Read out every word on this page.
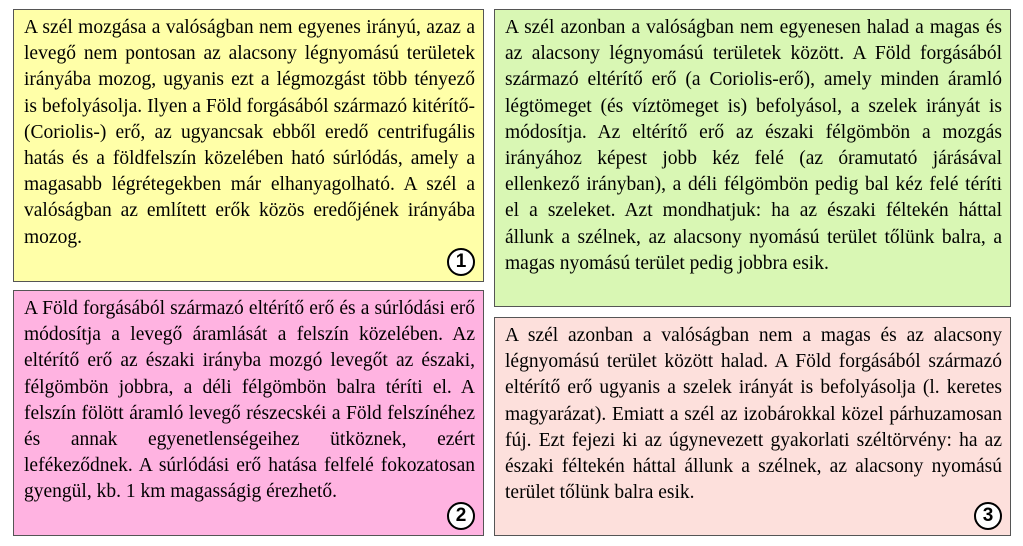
A szél mozgása a valóságban nem egyenes irányú, azaz a levegő nem pontosan az alacsony légnyomású területek irányába mozog, ugyanis ezt a légmozgást több tényező is befolyásolja. Ilyen a Föld forgásából származó kitérítő- (Coriolis-) erő, az ugyancsak ebből eredő centrifugális hatás és a földfelszín közelében ható súrlódás, amely a magasabb légrétegekben már elhanyagolható. A szél a valóságban az említett erők közös eredőjének irányába mozog.

1

A Föld forgásából származó eltérítő erő és a súrlódási erő módosítja a levegő áramlását a felszín közelében. Az eltérítő erő az északi irányba mozgó levegőt az északi, félgömbön jobbra, a déli félgömbön balra téríti el. A felszín fölött áramló levegő részecskéi a Föld felszínéhez és annak egyenetlenségeihez ütköznek, ezért lefékeződnek. A súrlódási erő hatása felfelé fokozatosan gyengül, kb. 1 km magasságig érezhető.

2

A szél azonban a valóságban nem egyenesen halad a magas és az alacsony légnyomású területek között. A Föld forgásából származó eltérítő erő (a Coriolis-erő), amely minden áramló légtömeget (és víztömeget is) befolyásol, a szelek irányát is módosítja. Az eltérítő erő az északi félgömbön a mozgás irányához képest jobb kéz felé (az óramutató járásával ellenkező irányban), a déli félgömbön pedig bal kéz felé téríti el a szeleket. Azt mondhatjuk: ha az északi féltekén háttal állunk a szélnek, az alacsony nyomású terület tőlünk balra, a magas nyomású terület pedig jobbra esik.

A szél azonban a valóságban nem a magas és az alacsony légnyomású terület között halad. A Föld forgásából származó eltérítő erő ugyanis a szelek irányát is befolyásolja (l. keretes magyarázat). Emiatt a szél az izobárokkal közel párhuzamosan fúj. Ezt fejezi ki az úgynevezett gyakorlati széltörvény: ha az északi féltekén háttal állunk a szélnek, az alacsony nyomású terület tőlünk balra esik.

3
